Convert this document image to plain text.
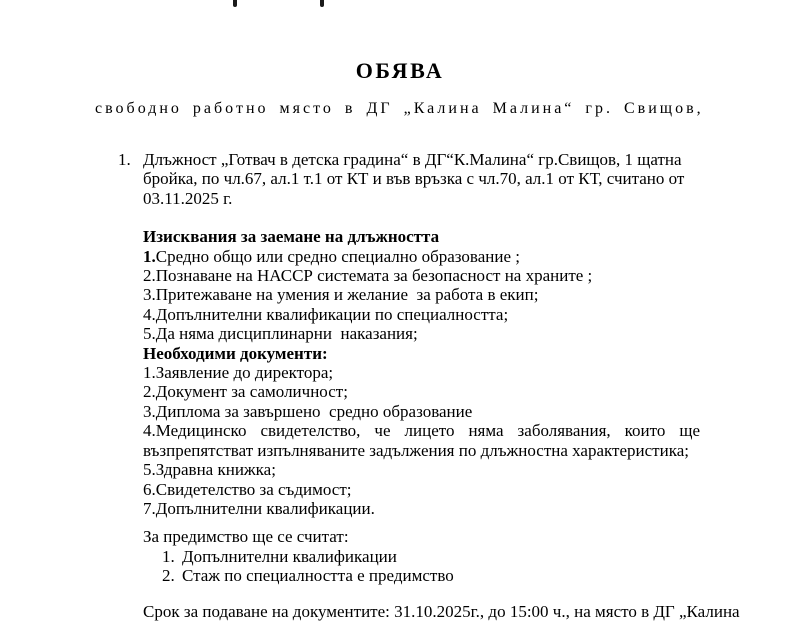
ОБЯВА
свободно работно място в ДГ „Калина Малина“ гр. Свищов,
1. Длъжност „Готвач в детска градина“ в ДГ“К.Малина“ гр.Свищов, 1 щатна бройка, по чл.67, ал.1 т.1 от КТ и във връзка с чл.70, ал.1 от КТ, считано от 03.11.2025 г.
Изисквания за заемане на длъжността
1.Средно общо или средно специално образование ;
2.Познаване на НАССР системата за безопасност на храните ;
3.Притежаване на умения и желание  за работа в екип;
4.Допълнителни квалификации по специалността;
5.Да няма дисциплинарни  наказания;
Необходими документи:
1.Заявление до директора;
2.Документ за самоличност;
3.Диплома за завършено  средно образование
4.Медицинско свидетелство, че лицето няма заболявания, които ще
възпрепятстват изпълняваните задължения по длъжностна характеристика;
5.Здравна книжка;
6.Свидетелство за съдимост;
7.Допълнителни квалификации.
За предимство ще се считат:
1. Допълнителни квалификации
2. Стаж по специалността е предимство
Срок за подаване на документите: 31.10.2025г., до 15:00 ч., на място в ДГ „Калина
